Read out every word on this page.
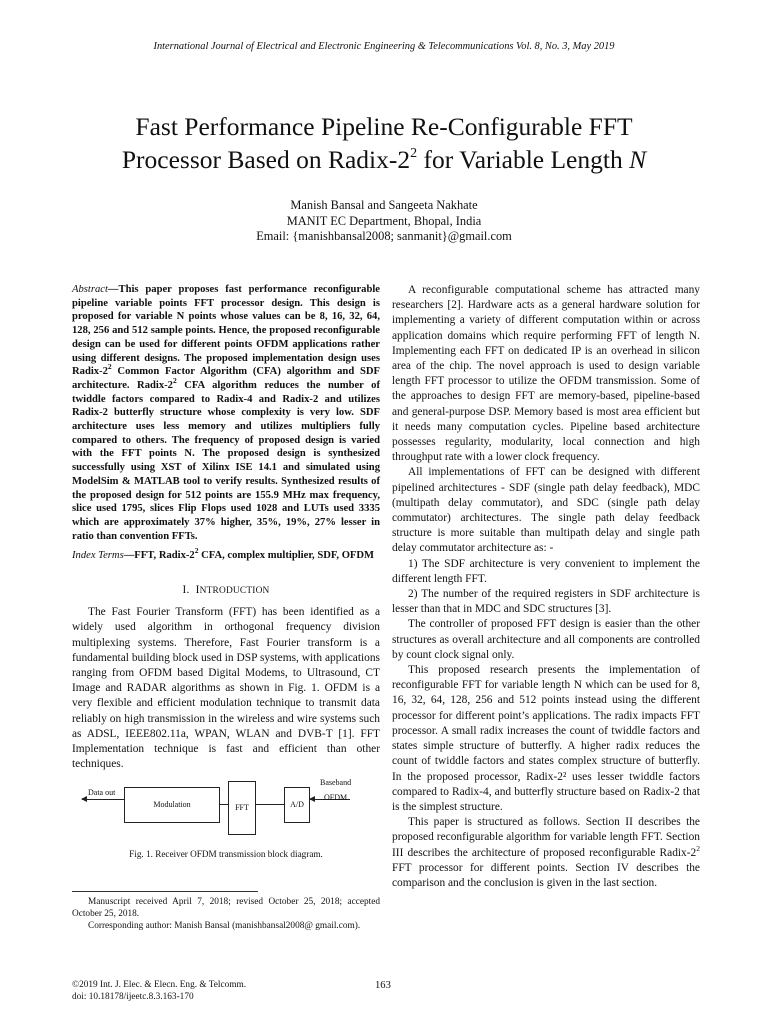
International Journal of Electrical and Electronic Engineering & Telecommunications Vol. 8, No. 3, May 2019
Fast Performance Pipeline Re-Configurable FFT
Processor Based on Radix-$2^2$ for Variable Length N
Manish Bansal and Sangeeta Nakhate
MANIT EC Department, Bhopal, India
Email: {manishbansal2008; sanmanit}@gmail.com

Abstract—This paper proposes fast performance reconfigurable pipeline variable points FFT processor design. This design is proposed for variable N points whose values can be 8, 16, 32, 64, 128, 256 and 512 sample points. Hence, the proposed reconfigurable design can be used for different points OFDM applications rather using different designs. The proposed implementation design uses Radix-$2^2$ Common Factor Algorithm (CFA) algorithm and SDF architecture. Radix-$2^2$ CFA algorithm reduces the number of twiddle factors compared to Radix-4 and Radix-2 and utilizes Radix-2 butterfly structure whose complexity is very low. SDF architecture uses less memory and utilizes multipliers fully compared to others. The frequency of proposed design is varied with the FFT points N. The proposed design is synthesized successfully using XST of Xilinx ISE 14.1 and simulated using ModelSim & MATLAB tool to verify results. Synthesized results of the proposed design for 512 points are 155.9 MHz max frequency, slice used 1795, slices Flip Flops used 1028 and LUTs used 3335 which are approximately 37% higher, 35%, 19%, 27% lesser in ratio than convention FFTs.

Index Terms—FFT, Radix-$2^2$ CFA, complex multiplier, SDF, OFDM

I. INTRODUCTION

The Fast Fourier Transform (FFT) has been identified as a widely used algorithm in orthogonal frequency division multiplexing systems. Therefore, Fast Fourier transform is a fundamental building block used in DSP systems, with applications ranging from OFDM based Digital Modems, to Ultrasound, CT Image and RADAR algorithms as shown in Fig. 1. OFDM is a very flexible and efficient modulation technique to transmit data reliably on high transmission in the wireless and wire systems such as ADSL, IEEE802.11a, WPAN, WLAN and DVB-T [1]. FFT Implementation technique is fast and efficient than other techniques.

Data out
Modulation	FFT	A/D
Baseband
OFDM

Fig. 1. Receiver OFDM transmission block diagram.

Manuscript received April 7, 2018; revised October 25, 2018; accepted October 25, 2018.

Corresponding author: Manish Bansal (manishbansal2008@ gmail.com).

A reconfigurable computational scheme has attracted many researchers [2]. Hardware acts as a general hardware solution for implementing a variety of different computation within or across application domains which require performing FFT of length N. Implementing each FFT on dedicated IP is an overhead in silicon area of the chip. The novel approach is used to design variable length FFT processor to utilize the OFDM transmission. Some of the approaches to design FFT are memory-based, pipeline-based and general-purpose DSP. Memory based is most area efficient but it needs many computation cycles. Pipeline based architecture possesses regularity, modularity, local connection and high throughput rate with a lower clock frequency.

All implementations of FFT can be designed with different pipelined architectures - SDF (single path delay feedback), MDC (multipath delay commutator), and SDC (single path delay commutator) architectures. The single path delay feedback structure is more suitable than multipath delay and single path delay commutator architecture as: -

1) The SDF architecture is very convenient to implement the different length FFT.

2) The number of the required registers in SDF architecture is lesser than that in MDC and SDC structures [3].

The controller of proposed FFT design is easier than the other structures as overall architecture and all components are controlled by count clock signal only.

This proposed research presents the implementation of reconfigurable FFT for variable length N which can be used for 8, 16, 32, 64, 128, 256 and 512 points instead using the different processor for different point’s applications. The radix impacts FFT processor. A small radix increases the count of twiddle factors and states simple structure of butterfly. A higher radix reduces the count of twiddle factors and states complex structure of butterfly. In the proposed processor, Radix-2² uses lesser twiddle factors compared to Radix-4, and butterfly structure based on Radix-2 that is the simplest structure.

This paper is structured as follows. Section II describes the proposed reconfigurable algorithm for variable length FFT. Section III describes the architecture of proposed reconfigurable Radix-$2^2$ FFT processor for different points. Section IV describes the comparison and the conclusion is given in the last section.

©2019 Int. J. Elec. & Elecn. Eng. & Telcomm.
doi: 10.18178/ijeetc.8.3.163-170
163
